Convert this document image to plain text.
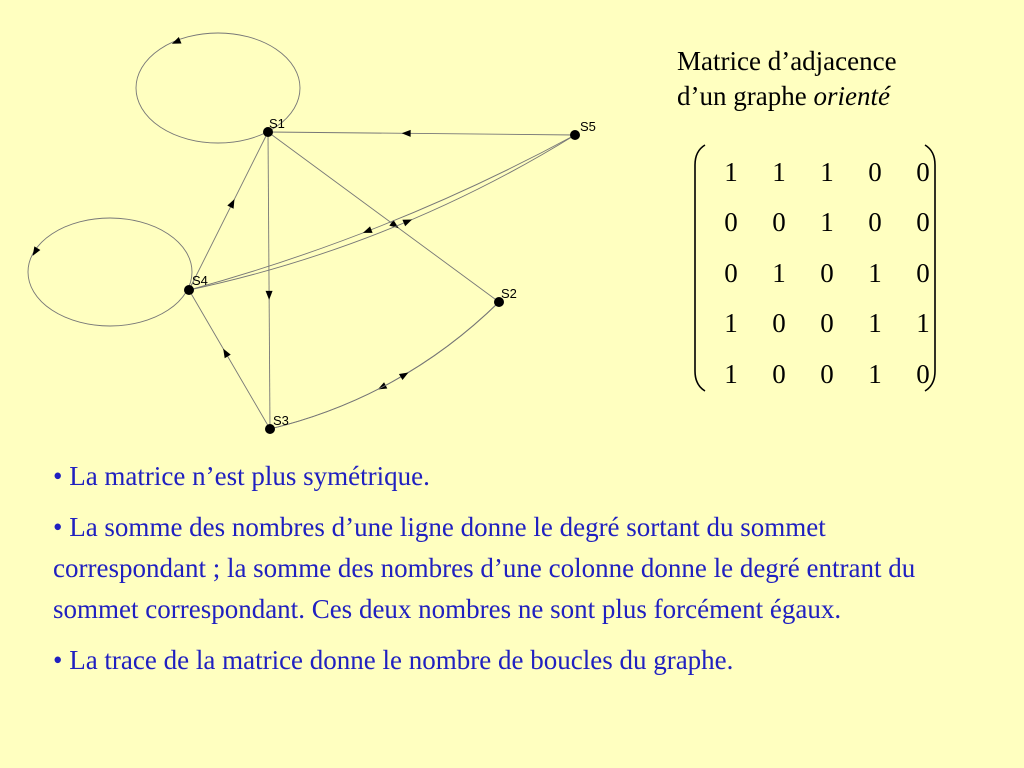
S1
S2
S3
S4
S5
Matrice d’adjacence
d’un graphe orienté
1	1	1	0	0
0	0	1	0	0
0	1	0	1	0
1	0	0	1	1
1	0	0	1	0

• La matrice n’est plus symétrique.

• La somme des nombres d’une ligne donne le degré sortant du sommet correspondant ; la somme des nombres d’une colonne donne le degré entrant du sommet correspondant. Ces deux nombres ne sont plus forcément égaux.

• La trace de la matrice donne le nombre de boucles du graphe.
